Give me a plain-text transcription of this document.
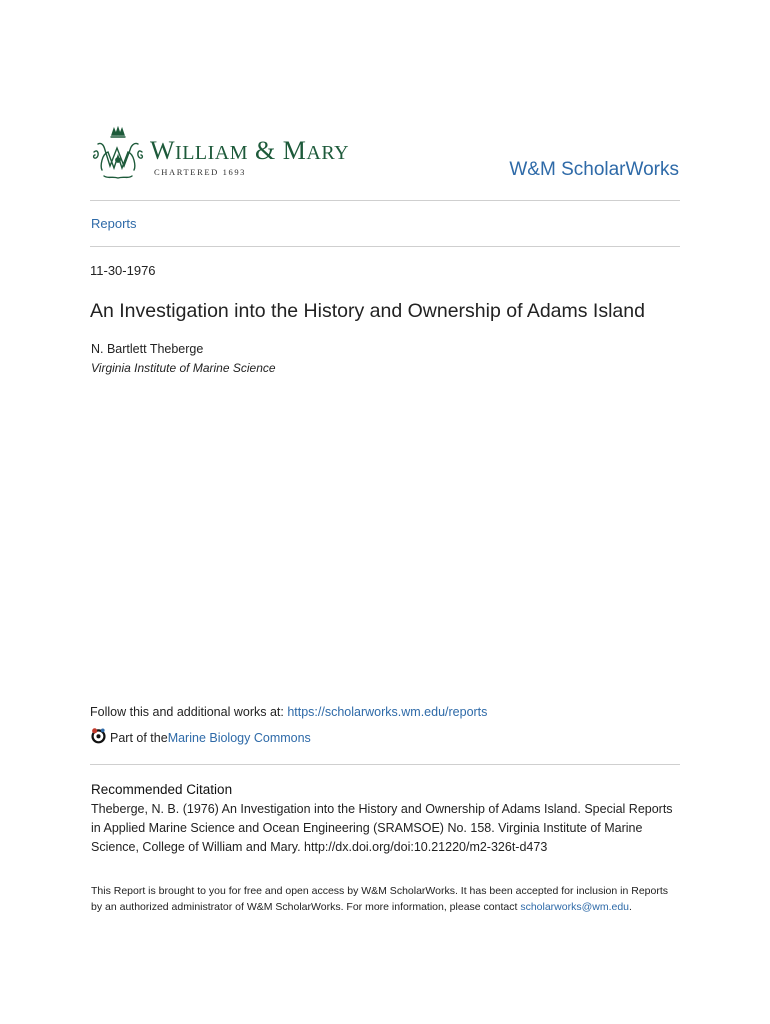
WILLIAM & MARY
CHARTERED 1693	W&M ScholarWorks
Reports
11-30-1976
An Investigation into the History and Ownership of Adams Island
N. Bartlett Theberge
Virginia Institute of Marine Science
Follow this and additional works at: https://scholarworks.wm.edu/reports
Part of the Marine Biology Commons
Recommended Citation
Theberge, N. B. (1976) An Investigation into the History and Ownership of Adams Island. Special Reports in Applied Marine Science and Ocean Engineering (SRAMSOE) No. 158. Virginia Institute of Marine Science, College of William and Mary. http://dx.doi.org/doi:10.21220/m2-326t-d473
This Report is brought to you for free and open access by W&M ScholarWorks. It has been accepted for inclusion in Reports by an authorized administrator of W&M ScholarWorks. For more information, please contact scholarworks@wm.edu.
